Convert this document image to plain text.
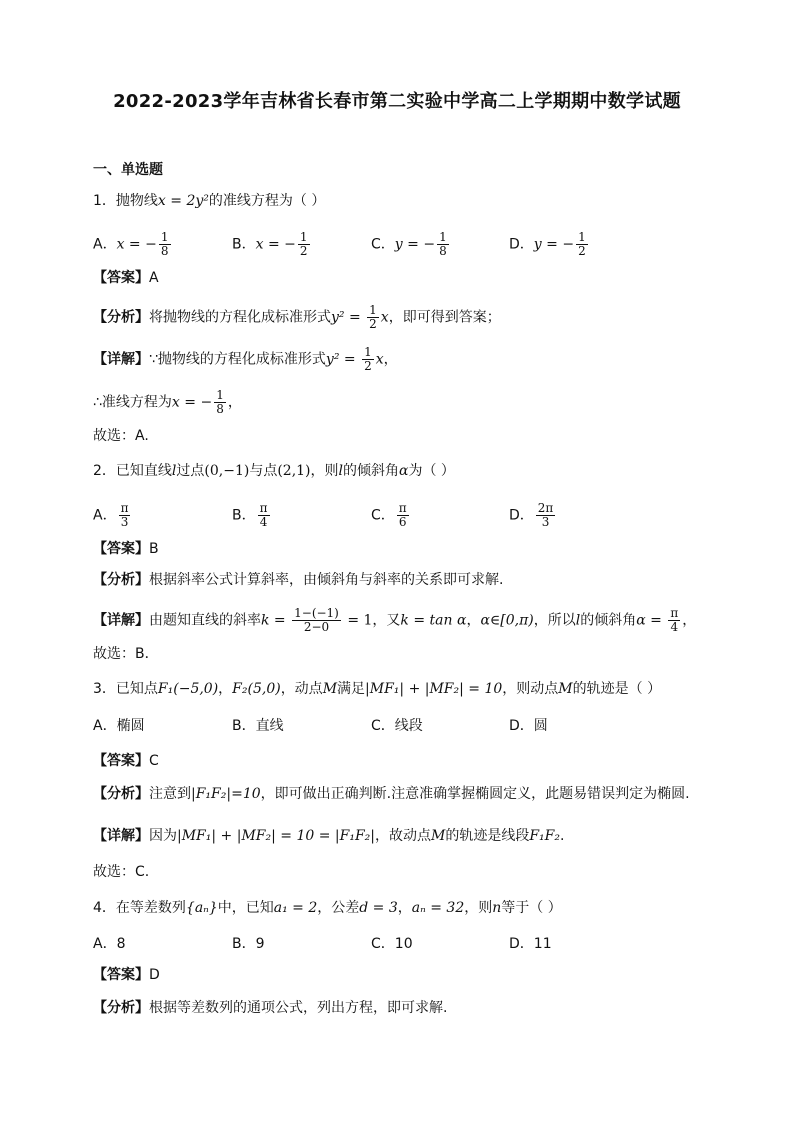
2022-2023学年吉林省长春市第二实验中学高二上学期期中数学试题
一、单选题
1．抛物线x = 2y²的准线方程为（ ）
A．x = − $\frac{1}{8}$	B．x = − $\frac{1}{2}$	C．y = − $\frac{1}{8}$	D．y = − $\frac{1}{2}$
【答案】A
【分析】将抛物线的方程化成标准形式$y^2 = \frac{1}{2}$ x，即可得到答案；
【详解】∵抛物线的方程化成标准形式$y^2 = \frac{1}{2}$ x，
∴准线方程为x = − $\frac{1}{8}$ ，
故选：A.
2．已知直线l过点(0,−1)与点(2,1)，则l的倾斜角α为（ ）
A． $\frac{\pi}{3}$	B． $\frac{\pi}{4}$	C． $\frac{\pi}{6}$	D． $\frac{2\pi}{3}$
【答案】B
【分析】根据斜率公式计算斜率，由倾斜角与斜率的关系即可求解.
【详解】由题知直线的斜率$k = \frac{1-(-1)}{2-0} = 1$，又k = tan α，α∈[0,π)，所以l的倾斜角$\alpha = \frac{\pi}{4}$ ，
故选：B．
3．已知点F₁(−5,0)，F₂(5,0)，动点M满足|MF₁| + |MF₂| = 10，则动点M的轨迹是（ ）
A．椭圆	B．直线	C．线段	D．圆
【答案】C
【分析】注意到|F₁F₂|=10，即可做出正确判断.注意准确掌握椭圆定义，此题易错误判定为椭圆.
【详解】因为|MF₁| + |MF₂| = 10 = |F₁F₂|，故动点M的轨迹是线段F₁F₂.
故选：C.
4．在等差数列{aₙ}中，已知a₁ = 2，公差d = 3，aₙ = 32，则n等于（ ）
A．8	B．9	C．10	D．11
【答案】D
【分析】根据等差数列的通项公式，列出方程，即可求解.
